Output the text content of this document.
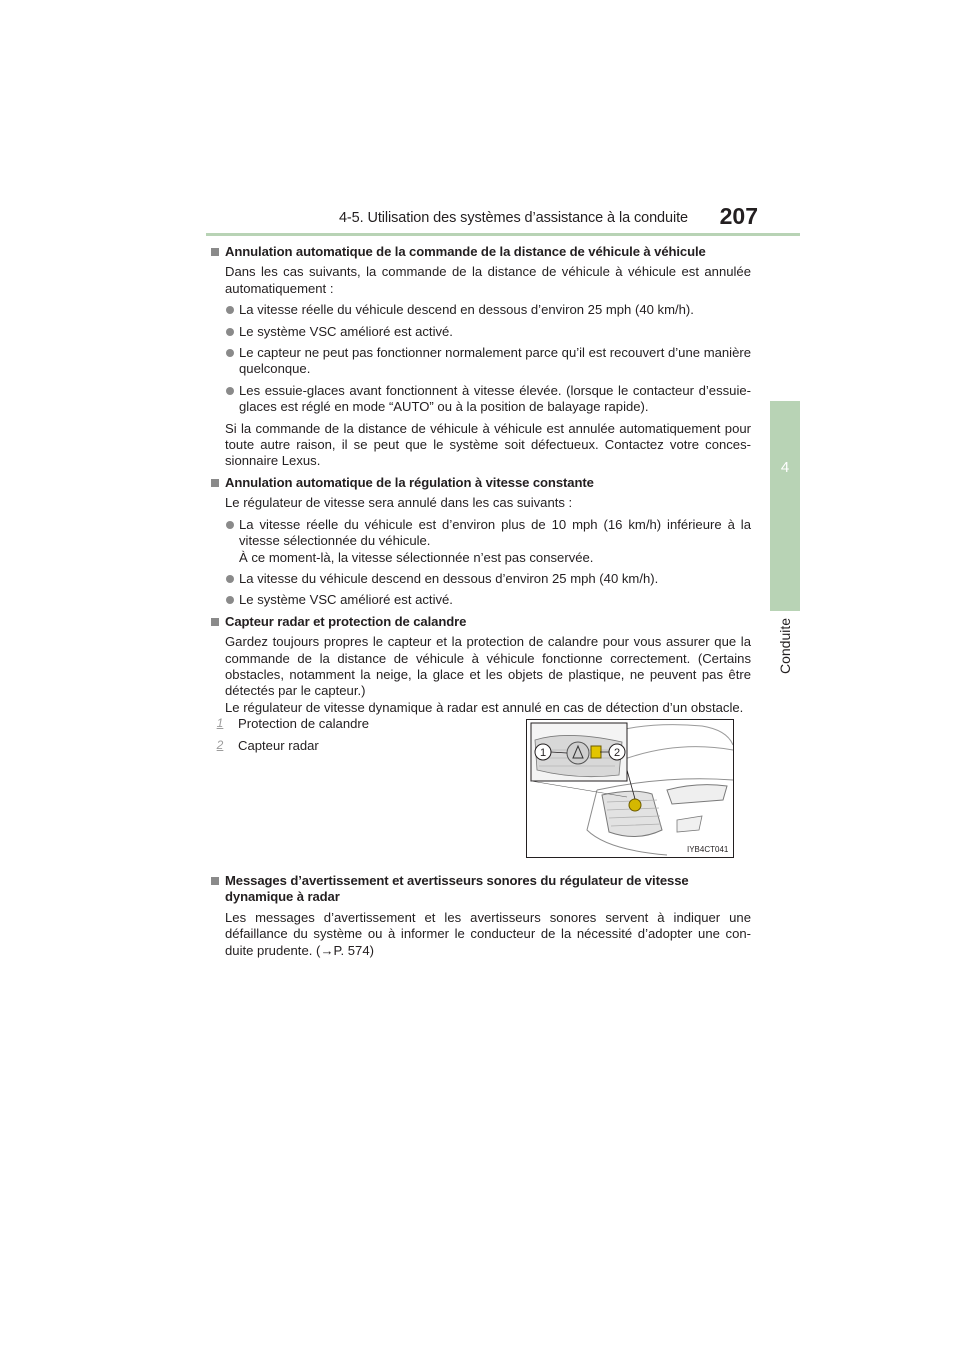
4-5. Utilisation des systèmes d’assistance à la conduite 207
4
Conduite
Annulation automatique de la commande de la distance de véhicule à véhicule
Dans les cas suivants, la commande de la distance de véhicule à véhicule est annulée automatiquement :
La vitesse réelle du véhicule descend en dessous d’environ 25 mph (40 km/h).
Le système VSC amélioré est activé.
Le capteur ne peut pas fonctionner normalement parce qu’il est recouvert d’une manière quelconque.
Les essuie-glaces avant fonctionnent à vitesse élevée. (lorsque le contacteur d’essuie-glaces est réglé en mode “AUTO” ou à la position de balayage rapide).
Si la commande de la distance de véhicule à véhicule est annulée automatiquement pour toute autre raison, il se peut que le système soit défectueux. Contactez votre conces-sionnaire Lexus.
Annulation automatique de la régulation à vitesse constante
Le régulateur de vitesse sera annulé dans les cas suivants :
La vitesse réelle du véhicule est d’environ plus de 10 mph (16 km/h) inférieure à la vitesse sélectionnée du véhicule.
À ce moment-là, la vitesse sélectionnée n’est pas conservée.
La vitesse du véhicule descend en dessous d’environ 25 mph (40 km/h).
Le système VSC amélioré est activé.
Capteur radar et protection de calandre
Gardez toujours propres le capteur et la protection de calandre pour vous assurer que la commande de la distance de véhicule à véhicule fonctionne correctement. (Certains obstacles, notamment la neige, la glace et les objets de plastique, ne peuvent pas être détectés par le capteur.)
Le régulateur de vitesse dynamique à radar est annulé en cas de détection d’un obstacle.
1 Protection de calandre
2 Capteur radar	1	2
IYB4CT041
Messages d’avertissement et avertisseurs sonores du régulateur de vitesse dynamique à radar
Les messages d’avertissement et les avertisseurs sonores servent à indiquer une défaillance du système ou à informer le conducteur de la nécessité d’adopter une con-duite prudente. (→P. 574)
